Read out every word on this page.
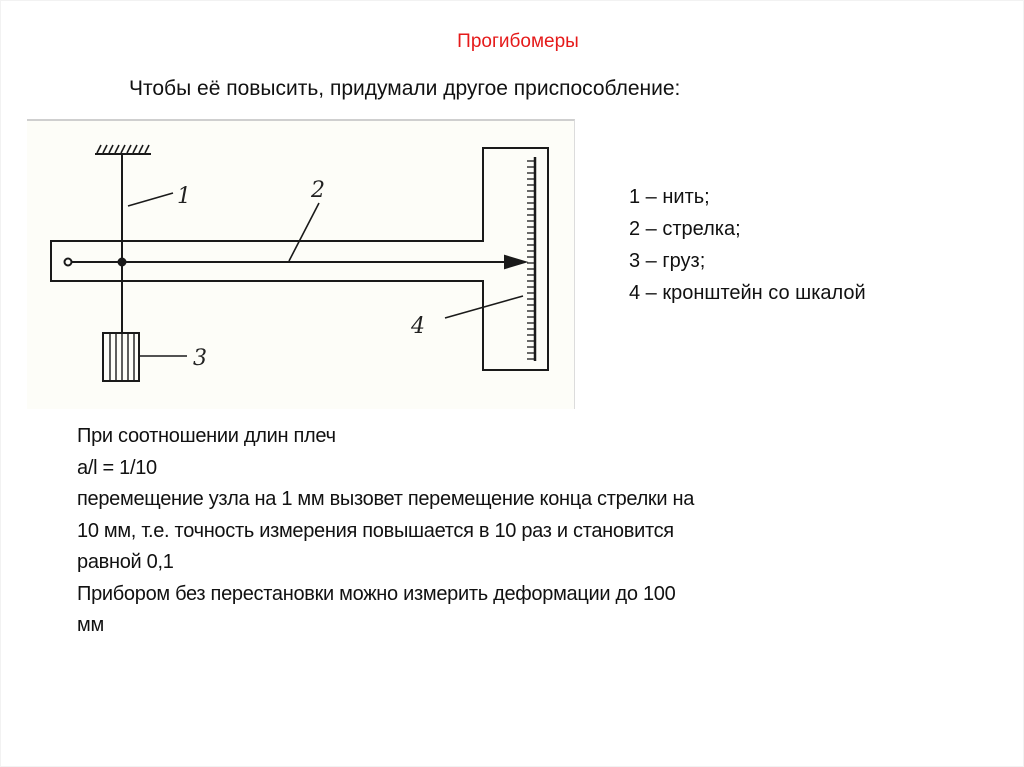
Прогибомеры
Чтобы её повысить, придумали другое приспособление:
1	2
3
4
1 – нить;
2 – стрелка;
3 – груз;
4 – кронштейн со шкалой
При соотношении длин плеч
a/l = 1/10
перемещение узла на 1 мм вызовет перемещение конца стрелки на
10 мм, т.е. точность измерения повышается в 10 раз и становится
равной 0,1
Прибором без перестановки можно измерить деформации до 100
мм
